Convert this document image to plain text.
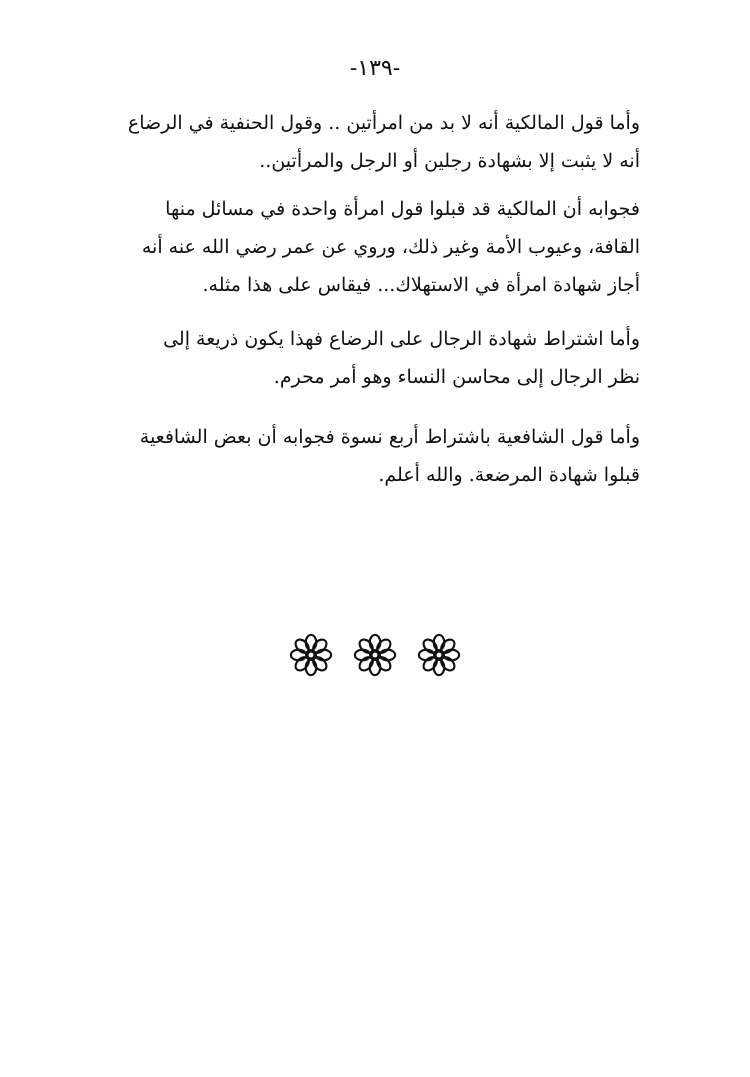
-١٣٩-
وأما قول المالكية أنه لا بد من امرأتين .. وقول الحنفية في الرضاع
أنه لا يثبت إلا بشهادة رجلين أو الرجل والمرأتين..
فجوابه أن المالكية قد قبلوا قول امرأة واحدة في مسائل منها
القافة، وعيوب الأمة وغير ذلك، وروي عن عمر رضي الله عنه أنه
أجاز شهادة امرأة في الاستهلاك... فيقاس على هذا مثله.
وأما اشتراط شهادة الرجال على الرضاع فهذا يكون ذريعة إلى
نظر الرجال إلى محاسن النساء وهو أمر محرم.
وأما قول الشافعية باشتراط أربع نسوة فجوابه أن بعض الشافعية
قبلوا شهادة المرضعة. والله أعلم.
